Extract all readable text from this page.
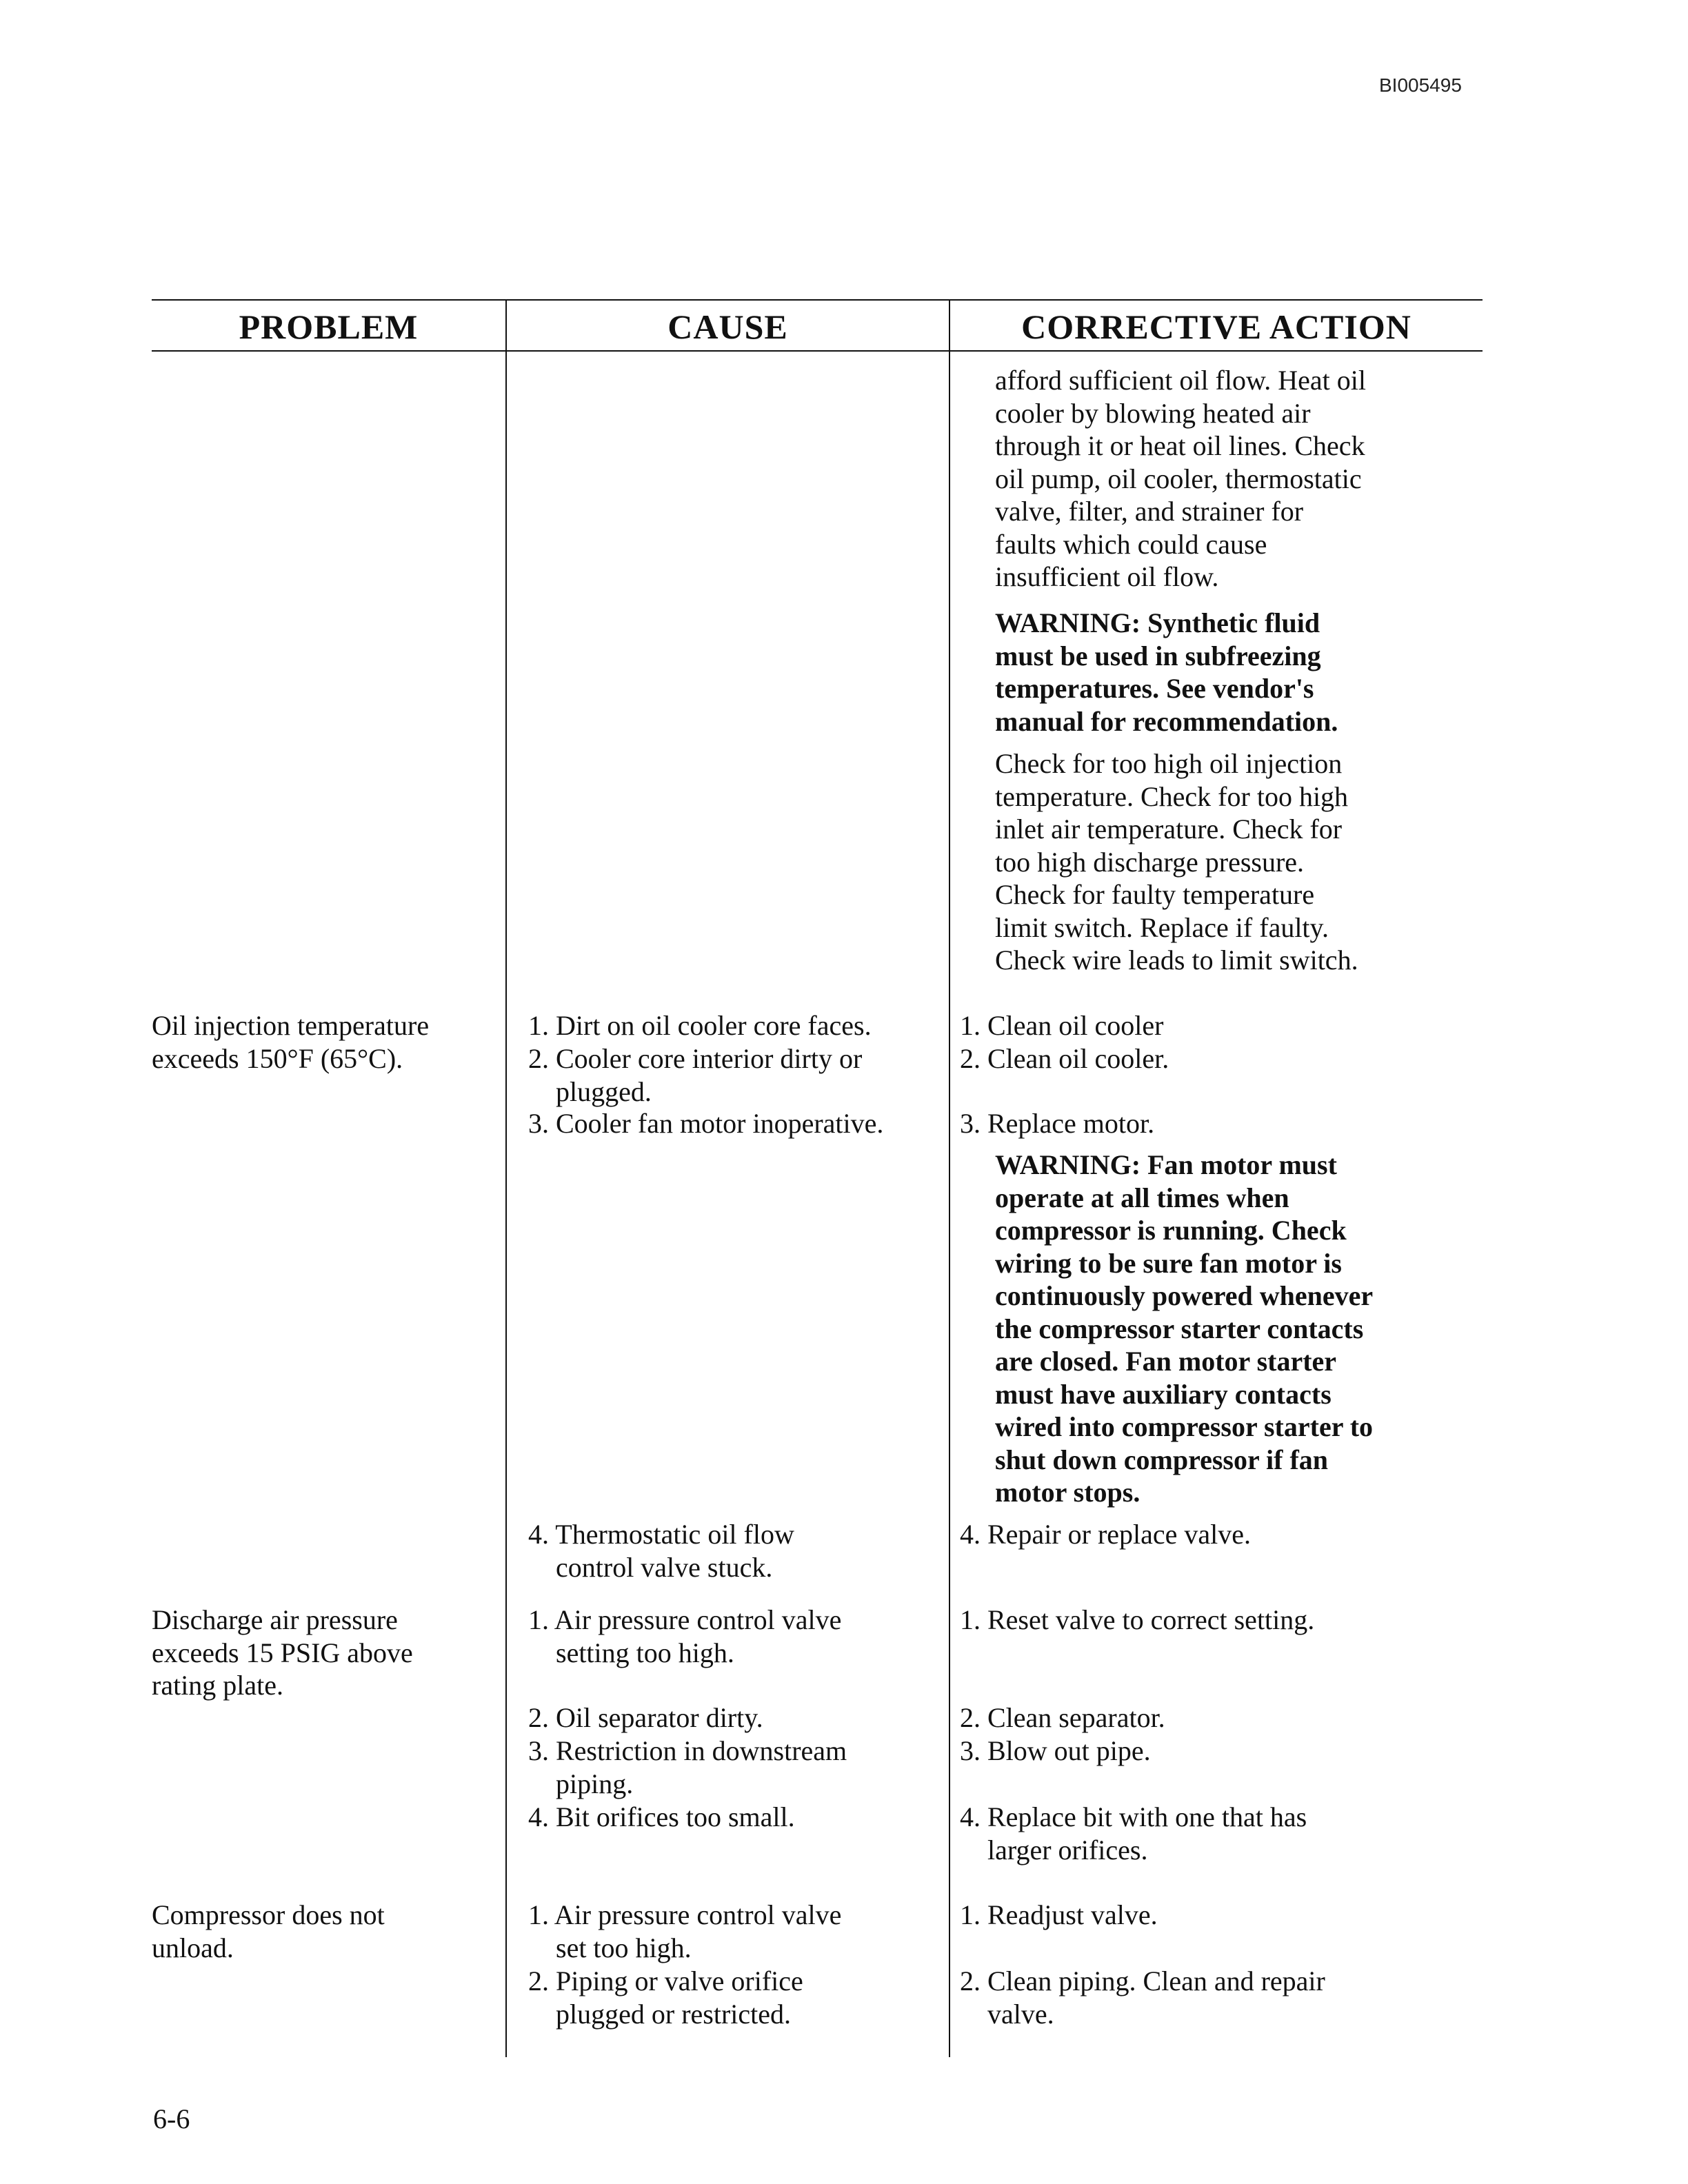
BI005495
PROBLEM	CAUSE	CORRECTIVE ACTION
afford sufficient oil flow. Heat oil
cooler by blowing heated air
through it or heat oil lines. Check
oil pump, oil cooler, thermostatic
valve, filter, and strainer for
faults which could cause
insufficient oil flow.
WARNING: Synthetic fluid
must be used in subfreezing
temperatures. See vendor's
manual for recommendation.
Check for too high oil injection
temperature. Check for too high
inlet air temperature. Check for
too high discharge pressure.
Check for faulty temperature
limit switch. Replace if faulty.
Check wire leads to limit switch.
Oil injection temperature
exceeds 150°F (65°C).
1. Dirt on oil cooler core faces.
2. Cooler core interior dirty or
plugged.
3. Cooler fan motor inoperative.
4. Thermostatic oil flow
control valve stuck.
1. Clean oil cooler
2. Clean oil cooler.
3. Replace motor.
WARNING: Fan motor must
operate at all times when
compressor is running. Check
wiring to be sure fan motor is
continuously powered whenever
the compressor starter contacts
are closed. Fan motor starter
must have auxiliary contacts
wired into compressor starter to
shut down compressor if fan
motor stops.
4. Repair or replace valve.
Discharge air pressure
exceeds 15 PSIG above
rating plate.
1. Air pressure control valve
setting too high.
2. Oil separator dirty.
3. Restriction in downstream
piping.
4. Bit orifices too small.
1. Reset valve to correct setting.
2. Clean separator.
3. Blow out pipe.
4. Replace bit with one that has
larger orifices.
Compressor does not
unload.
1. Air pressure control valve
set too high.
2. Piping or valve orifice
plugged or restricted.
1. Readjust valve.
2. Clean piping. Clean and repair
valve.
6-6
